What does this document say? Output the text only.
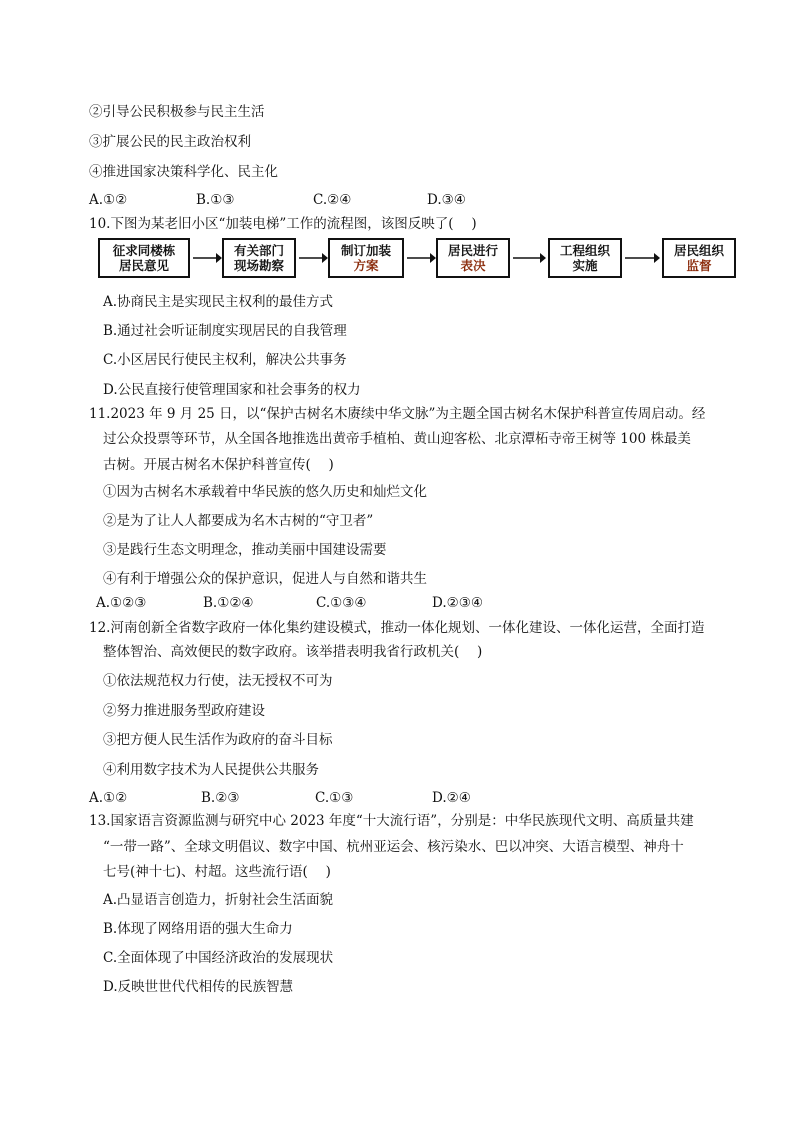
②引导公民积极参与民主生活
③扩展公民的民主政治权利
④推进国家决策科学化、民主化
A.①②	B.①③	C.②④	D.③④
10.下图为某老旧小区“加装电梯”工作的流程图，该图反映了(　 )
征求同楼栋
居民意见
有关部门
现场勘察
制订加装
方案
居民进行
表决
工程组织
实施
居民组织
监督
A.协商民主是实现民主权利的最佳方式
B.通过社会听证制度实现居民的自我管理
C.小区居民行使民主权利，解决公共事务
D.公民直接行使管理国家和社会事务的权力
11.2023 年 9 月 25 日，以“保护古树名木赓续中华文脉”为主题全国古树名木保护科普宣传周启动。经
过公众投票等环节，从全国各地推选出黄帝手植柏、黄山迎客松、北京潭柘寺帝王树等 100 株最美
古树。开展古树名木保护科普宣传(　 )
①因为古树名木承载着中华民族的悠久历史和灿烂文化
②是为了让人人都要成为名木古树的“守卫者”
③是践行生态文明理念，推动美丽中国建设需要
④有利于增强公众的保护意识，促进人与自然和谐共生
A.①②③	B.①②④	C.①③④	D.②③④
12.河南创新全省数字政府一体化集约建设模式，推动一体化规划、一体化建设、一体化运营，全面打造
整体智治、高效便民的数字政府。该举措表明我省行政机关(　 )
①依法规范权力行使，法无授权不可为
②努力推进服务型政府建设
③把方便人民生活作为政府的奋斗目标
④利用数字技术为人民提供公共服务
A.①②	B.②③	C.①③	D.②④
13.国家语言资源监测与研究中心 2023 年度“十大流行语”，分别是：中华民族现代文明、高质量共建
“一带一路”、全球文明倡议、数字中国、杭州亚运会、核污染水、巴以冲突、大语言模型、神舟十
七号(神十七)、村超。这些流行语(　 )
A.凸显语言创造力，折射社会生活面貌
B.体现了网络用语的强大生命力
C.全面体现了中国经济政治的发展现状
D.反映世世代代相传的民族智慧
